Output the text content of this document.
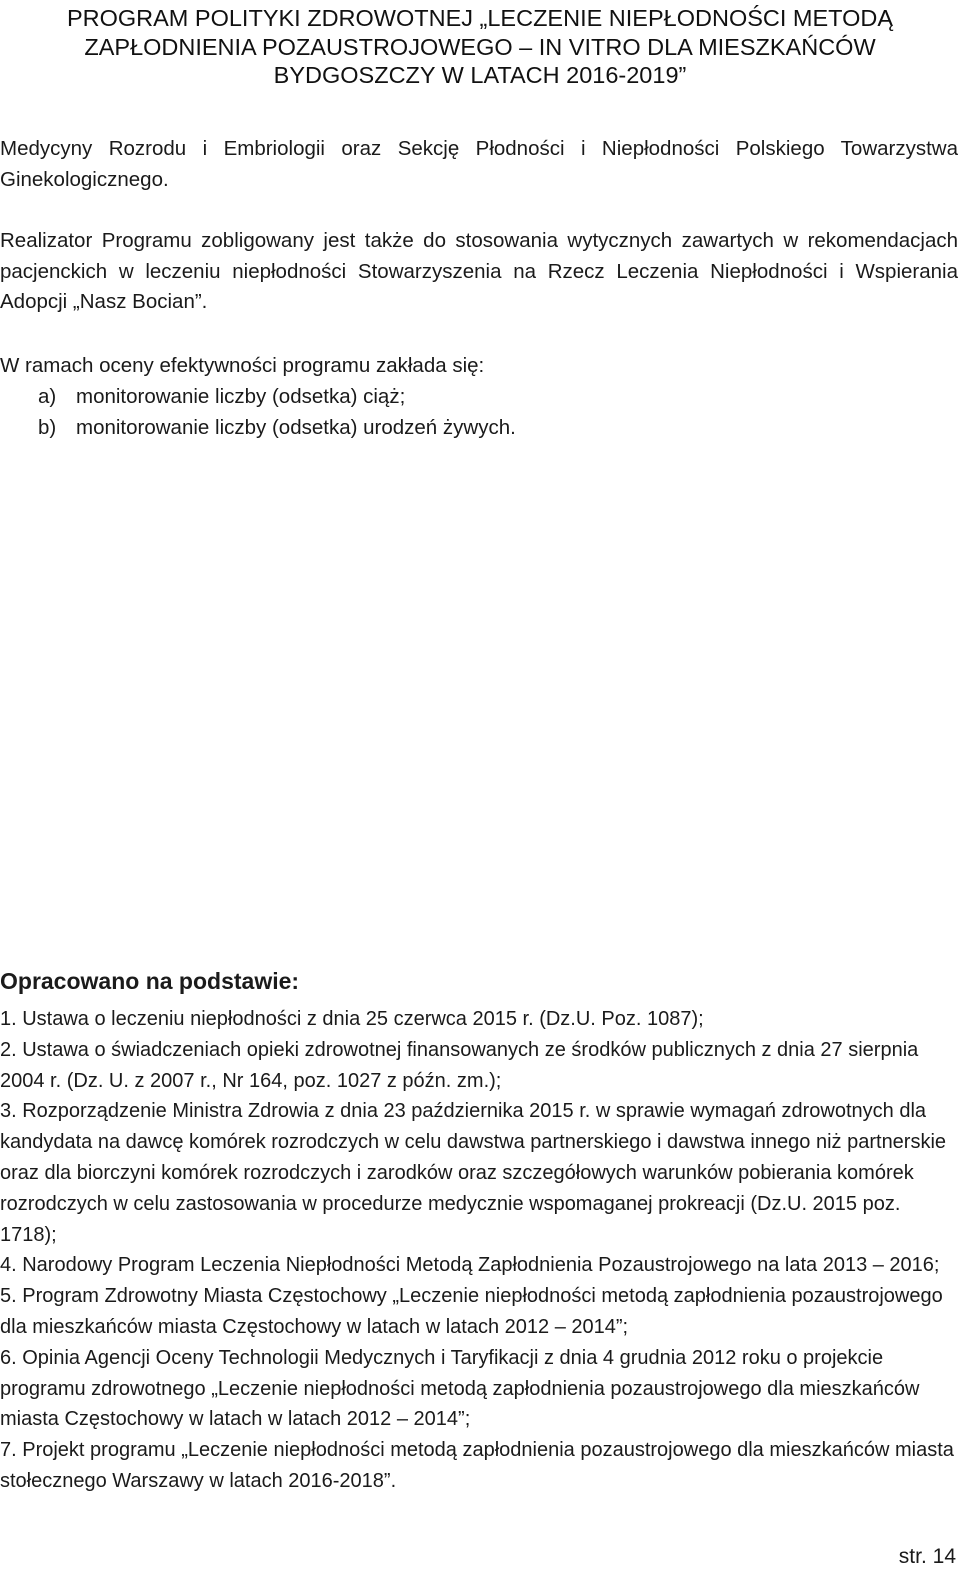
PROGRAM POLITYKI ZDROWOTNEJ „LECZENIE NIEPŁODNOŚCI METODĄ
ZAPŁODNIENIA POZAUSTROJOWEGO – IN VITRO DLA MIESZKAŃCÓW
BYDGOSZCZY W LATACH 2016-2019”
Medycyny Rozrodu i Embriologii oraz Sekcję Płodności i Niepłodności Polskiego Towarzystwa Ginekologicznego.
Realizator Programu zobligowany jest także do stosowania wytycznych zawartych w rekomendacjach pacjenckich w leczeniu niepłodności Stowarzyszenia na Rzecz Leczenia Niepłodności i Wspierania Adopcji „Nasz Bocian”.
W ramach oceny efektywności programu zakłada się:
a) monitorowanie liczby (odsetka) ciąż;
b) monitorowanie liczby (odsetka) urodzeń żywych.
Opracowano na podstawie:

1. Ustawa o leczeniu niepłodności z dnia 25 czerwca 2015 r. (Dz.U. Poz. 1087);

2. Ustawa o świadczeniach opieki zdrowotnej finansowanych ze środków publicznych z dnia 27 sierpnia 2004 r. (Dz. U. z 2007 r., Nr 164, poz. 1027 z późn. zm.);

3. Rozporządzenie Ministra Zdrowia z dnia 23 października 2015 r. w sprawie wymagań zdrowotnych dla kandydata na dawcę komórek rozrodczych w celu dawstwa partnerskiego i dawstwa innego niż partnerskie oraz dla biorczyni komórek rozrodczych i zarodków oraz szczegółowych warunków pobierania komórek rozrodczych w celu zastosowania w procedurze medycznie wspomaganej prokreacji (Dz.U. 2015 poz. 1718);

4. Narodowy Program Leczenia Niepłodności Metodą Zapłodnienia Pozaustrojowego na lata 2013 – 2016;

5. Program Zdrowotny Miasta Częstochowy „Leczenie niepłodności metodą zapłodnienia pozaustrojowego dla mieszkańców miasta Częstochowy w latach w latach 2012 – 2014”;

6. Opinia Agencji Oceny Technologii Medycznych i Taryfikacji z dnia 4 grudnia 2012 roku o projekcie programu zdrowotnego „Leczenie niepłodności metodą zapłodnienia pozaustrojowego dla mieszkańców miasta Częstochowy w latach w latach 2012 – 2014”;

7. Projekt programu „Leczenie niepłodności metodą zapłodnienia pozaustrojowego dla mieszkańców miasta stołecznego Warszawy w latach 2016-2018”.

str. 14
